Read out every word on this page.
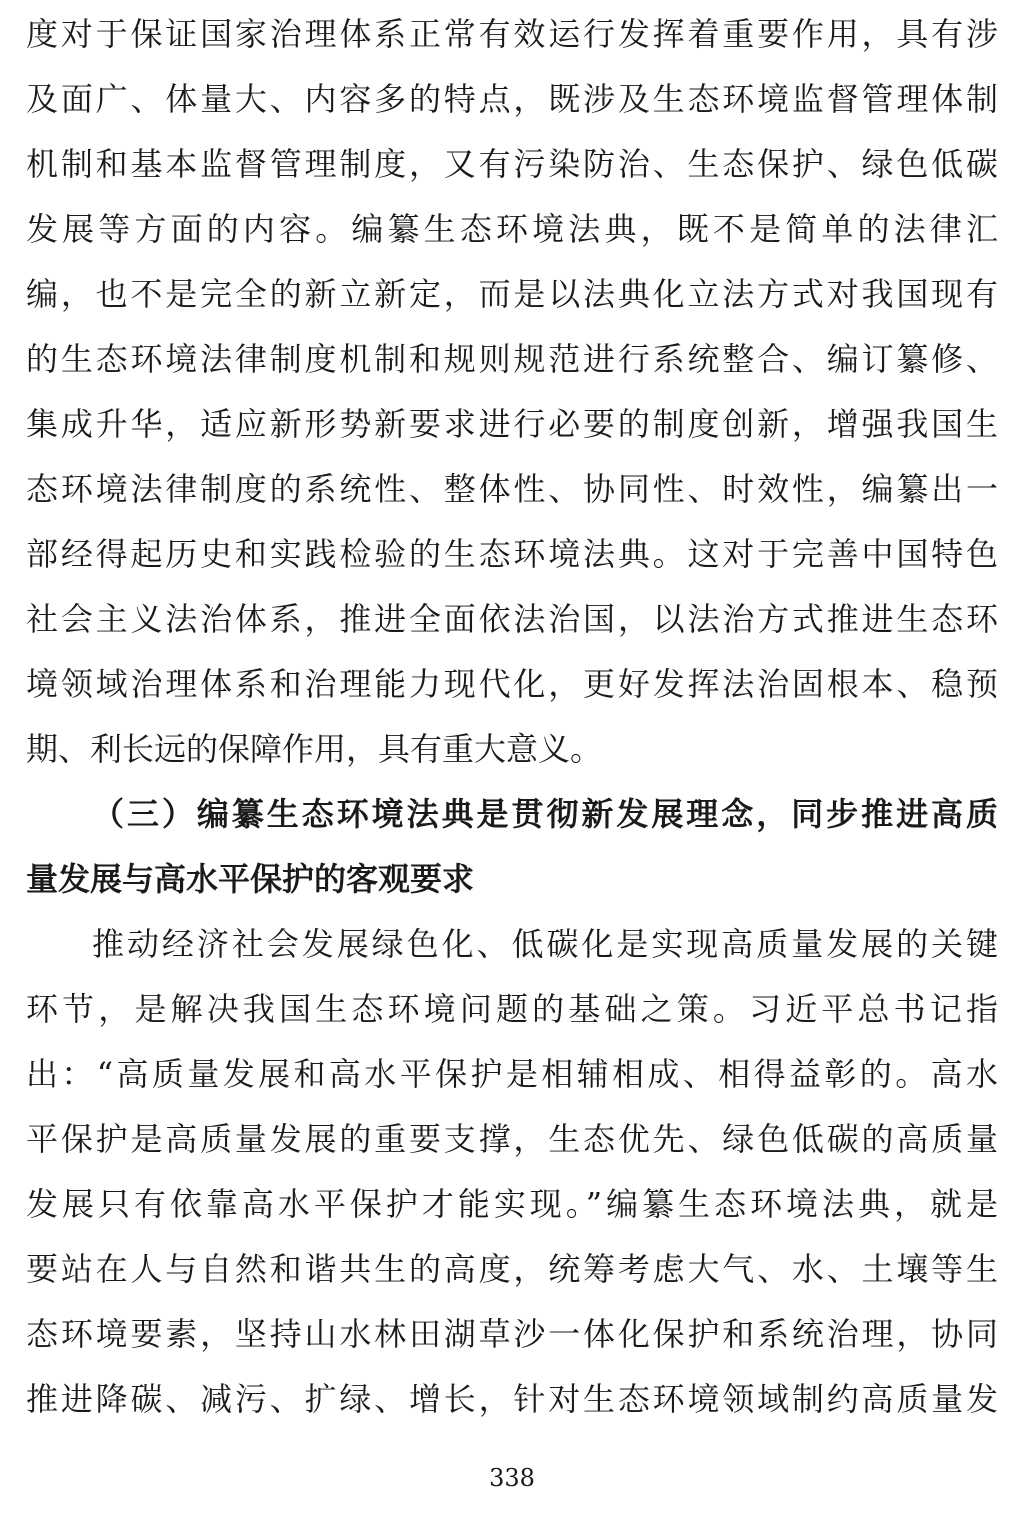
度对于保证国家治理体系正常有效运行发挥着重要作用，具有涉
及面广、体量大、内容多的特点，既涉及生态环境监督管理体制
机制和基本监督管理制度，又有污染防治、生态保护、绿色低碳
发展等方面的内容。编纂生态环境法典，既不是简单的法律汇
编，也不是完全的新立新定，而是以法典化立法方式对我国现有
的生态环境法律制度机制和规则规范进行系统整合、编订纂修、
集成升华，适应新形势新要求进行必要的制度创新，增强我国生
态环境法律制度的系统性、整体性、协同性、时效性，编纂出一
部经得起历史和实践检验的生态环境法典。这对于完善中国特色
社会主义法治体系，推进全面依法治国，以法治方式推进生态环
境领域治理体系和治理能力现代化，更好发挥法治固根本、稳预
期、利长远的保障作用，具有重大意义。
（三）编纂生态环境法典是贯彻新发展理念，同步推进高质
量发展与高水平保护的客观要求
推动经济社会发展绿色化、低碳化是实现高质量发展的关键
环节，是解决我国生态环境问题的基础之策。习近平总书记指
出：“高质量发展和高水平保护是相辅相成、相得益彰的。高水
平保护是高质量发展的重要支撑，生态优先、绿色低碳的高质量
发展只有依靠高水平保护才能实现。”编纂生态环境法典，就是
要站在人与自然和谐共生的高度，统筹考虑大气、水、土壤等生
态环境要素，坚持山水林田湖草沙一体化保护和系统治理，协同
推进降碳、减污、扩绿、增长，针对生态环境领域制约高质量发
338
